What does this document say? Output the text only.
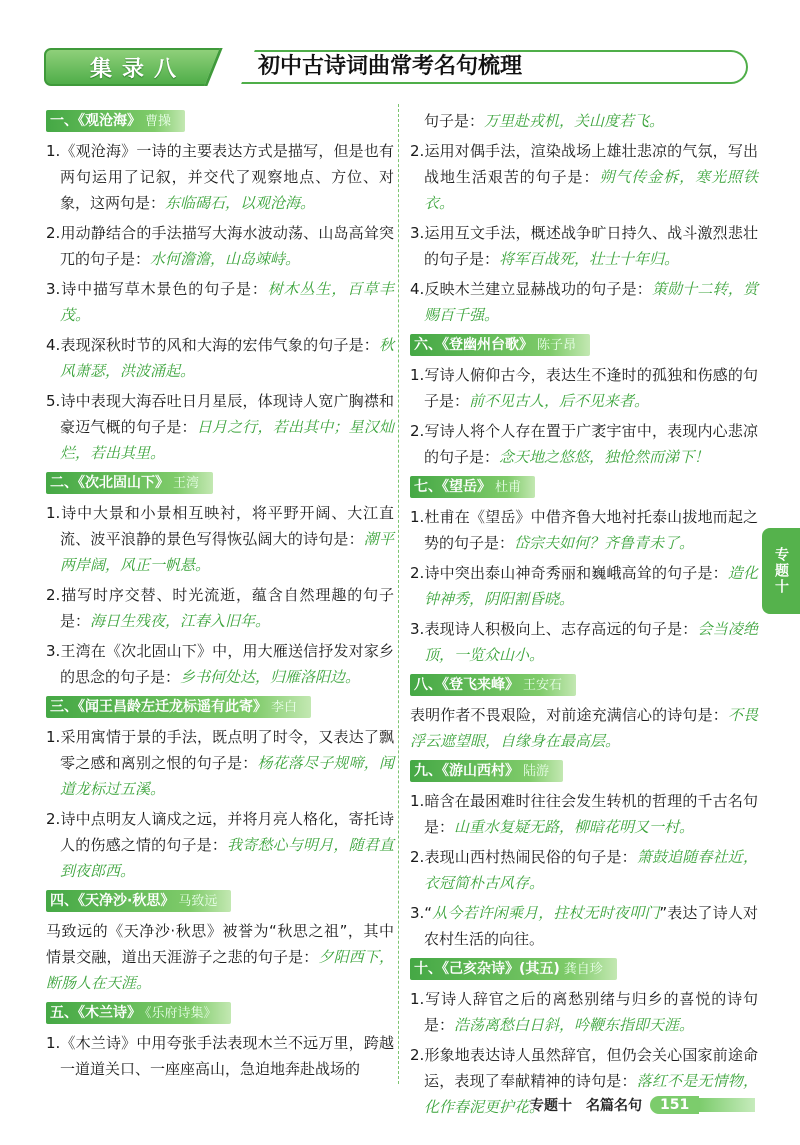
集录八	初中古诗词曲常考名句梳理
一、《观沧海》 曹操

1.《观沧海》一诗的主要表达方式是描写，但是也有两句运用了记叙，并交代了观察地点、方位、对象，这两句是：东临碣石，以观沧海。

2.用动静结合的手法描写大海水波动荡、山岛高耸突兀的句子是：水何澹澹，山岛竦峙。

3.诗中描写草木景色的句子是：树木丛生，百草丰茂。

4.表现深秋时节的风和大海的宏伟气象的句子是：秋风萧瑟，洪波涌起。

5.诗中表现大海吞吐日月星辰，体现诗人宽广胸襟和豪迈气概的句子是：日月之行，若出其中；星汉灿烂，若出其里。

二、《次北固山下》 王湾

1.诗中大景和小景相互映衬，将平野开阔、大江直流、波平浪静的景色写得恢弘阔大的诗句是：潮平两岸阔，风正一帆悬。

2.描写时序交替、时光流逝，蕴含自然理趣的句子是：海日生残夜，江春入旧年。

3.王湾在《次北固山下》中，用大雁送信抒发对家乡的思念的句子是：乡书何处达，归雁洛阳边。

三、《闻王昌龄左迁龙标遥有此寄》 李白

1.采用寓情于景的手法，既点明了时令，又表达了飘零之感和离别之恨的句子是：杨花落尽子规啼，闻道龙标过五溪。

2.诗中点明友人谪戍之远，并将月亮人格化，寄托诗人的伤感之情的句子是：我寄愁心与明月，随君直到夜郎西。

四、《天净沙·秋思》 马致远

马致远的《天净沙·秋思》被誉为“秋思之祖”，其中情景交融，道出天涯游子之悲的句子是：夕阳西下，断肠人在天涯。

五、《木兰诗》 《乐府诗集》

1.《木兰诗》中用夸张手法表现木兰不远万里，跨越一道道关口、一座座高山，急迫地奔赴战场的

句子是：万里赴戎机，关山度若飞。

2.运用对偶手法，渲染战场上雄壮悲凉的气氛，写出战地生活艰苦的句子是：朔气传金柝，寒光照铁衣。

3.运用互文手法，概述战争旷日持久、战斗激烈悲壮的句子是：将军百战死，壮士十年归。

4.反映木兰建立显赫战功的句子是：策勋十二转，赏赐百千强。

六、《登幽州台歌》 陈子昂

1.写诗人俯仰古今，表达生不逢时的孤独和伤感的句子是：前不见古人，后不见来者。

2.写诗人将个人存在置于广袤宇宙中，表现内心悲凉的句子是：念天地之悠悠，独怆然而涕下！

七、《望岳》 杜甫

1.杜甫在《望岳》中借齐鲁大地衬托泰山拔地而起之势的句子是：岱宗夫如何？齐鲁青未了。

2.诗中突出泰山神奇秀丽和巍峨高耸的句子是：造化钟神秀，阴阳割昏晓。

3.表现诗人积极向上、志存高远的句子是：会当凌绝顶，一览众山小。

八、《登飞来峰》 王安石

表明作者不畏艰险，对前途充满信心的诗句是：不畏浮云遮望眼，自缘身在最高层。

九、《游山西村》 陆游

1.暗含在最困难时往往会发生转机的哲理的千古名句是：山重水复疑无路，柳暗花明又一村。

2.表现山西村热闹民俗的句子是：箫鼓追随春社近，衣冠简朴古风存。

3.“从今若许闲乘月，拄杖无时夜叩门”表达了诗人对农村生活的向往。

十、《己亥杂诗》(其五) 龚自珍

1.写诗人辞官之后的离愁别绪与归乡的喜悦的诗句是：浩荡离愁白日斜，吟鞭东指即天涯。

2.形象地表达诗人虽然辞官，但仍会关心国家前途命运，表现了奉献精神的诗句是：落红不是无情物，化作春泥更护花。

专题十
专题十　名篇名句	151
